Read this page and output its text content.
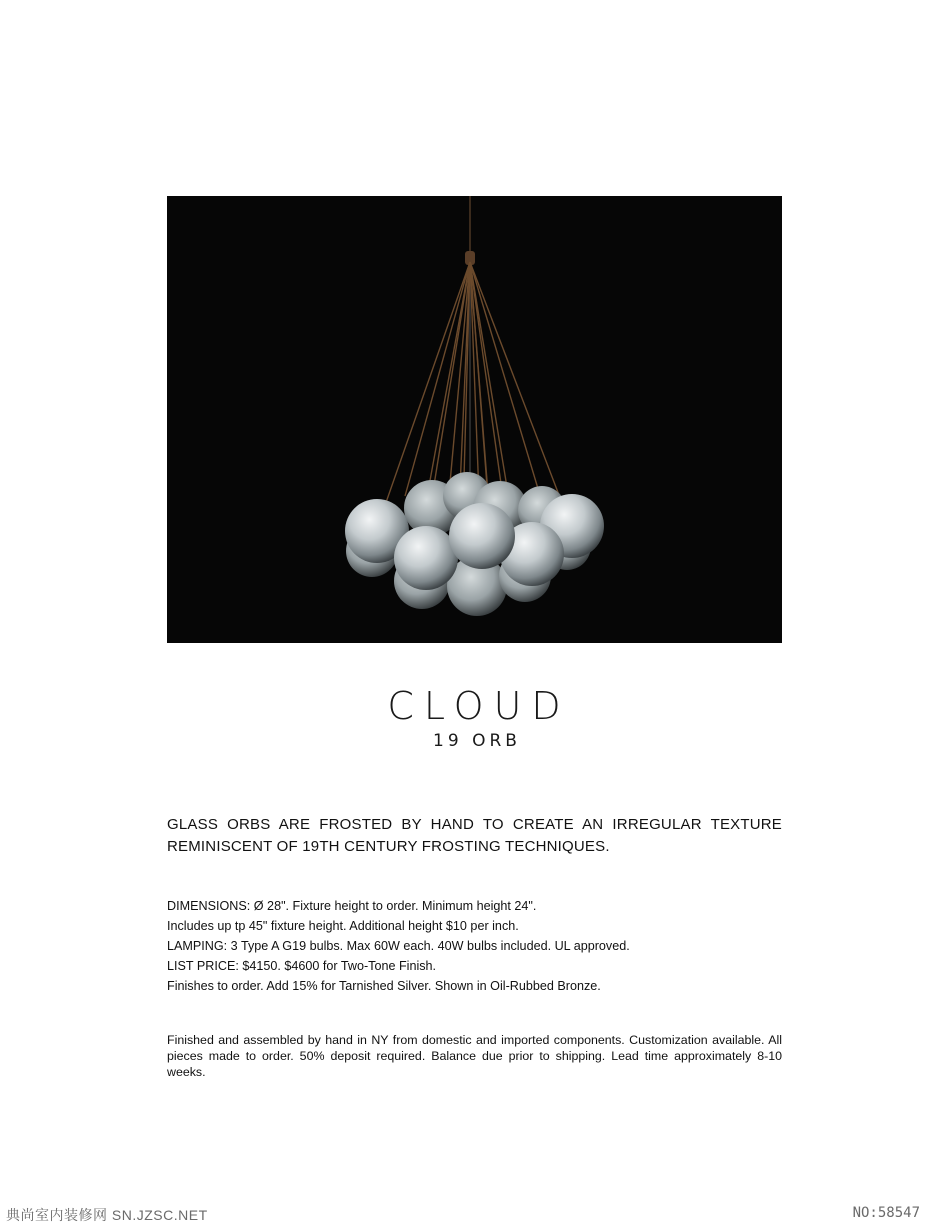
CLOUD
19 ORB
GLASS ORBS ARE FROSTED BY HAND TO CREATE AN IRREGULAR TEXTURE REMINISCENT OF 19TH CENTURY FROSTING TECHNIQUES.
DIMENSIONS: Ø 28". Fixture height to order. Minimum height 24".
Includes up tp 45" fixture height. Additional height $10 per inch.
LAMPING: 3 Type A G19 bulbs. Max 60W each. 40W bulbs included. UL approved.
LIST PRICE: $4150. $4600 for Two-Tone Finish.
Finishes to order. Add 15% for Tarnished Silver. Shown in Oil-Rubbed Bronze.
Finished and assembled by hand in NY from domestic and imported components. Customization available. All pieces made to order. 50% deposit required. Balance due prior to shipping. Lead time approximately 8-10 weeks.
典尚室内装修网 SN.JZSC.NET	NO:58547
